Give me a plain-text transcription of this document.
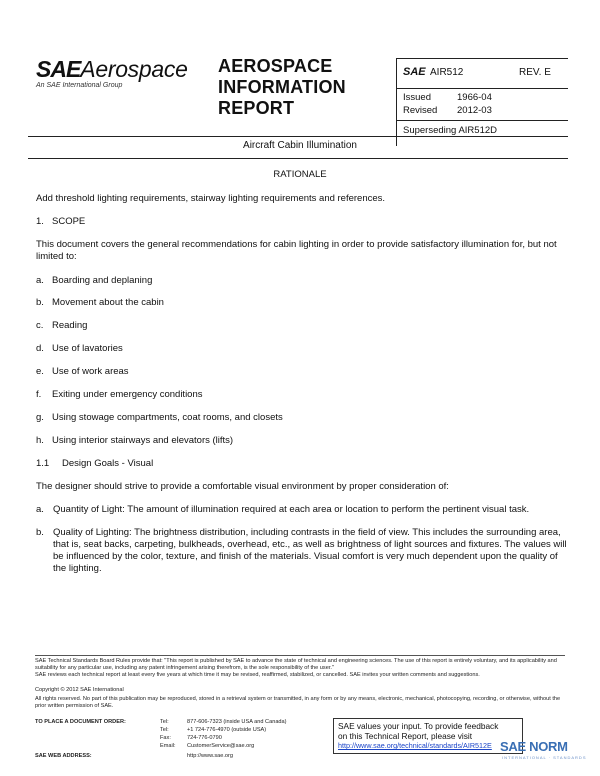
SAEAerospace
An SAE International Group
AEROSPACE
INFORMATION
REPORT
SAE AIR512	REV. E
Issued	1966-04
Revised 2012-03
Superseding AIR512D
Aircraft Cabin Illumination
RATIONALE
Add threshold lighting requirements, stairway lighting requirements and references.
1. SCOPE
This document covers the general recommendations for cabin lighting in order to provide satisfactory illumination for, but not limited to:
a. Boarding and deplaning
b. Movement about the cabin
c. Reading
d. Use of lavatories
e. Use of work areas
f. Exiting under emergency conditions
g. Using stowage compartments, coat rooms, and closets
h. Using interior stairways and elevators (lifts)
1.1 Design Goals - Visual
The designer should strive to provide a comfortable visual environment by proper consideration of:
a. Quantity of Light: The amount of illumination required at each area or location to perform the pertinent visual task.
b. Quality of Lighting: The brightness distribution, including contrasts in the field of view. This includes the surrounding area, that is, seat backs, carpeting, bulkheads, overhead, etc., as well as brightness of light sources and fixtures. The values will be influenced by the color, texture, and finish of the materials. Visual comfort is very much dependent upon the quality of the lighting.
SAE Technical Standards Board Rules provide that: "This report is published by SAE to advance the state of technical and engineering sciences. The use of this report is entirely voluntary, and its applicability and suitability for any particular use, including any patent infringement arising therefrom, is the sole responsibility of the user."
SAE reviews each technical report at least every five years at which time it may be revised, reaffirmed, stabilized, or cancelled. SAE invites your written comments and suggestions.
Copyright © 2012 SAE International
All rights reserved. No part of this publication may be reproduced, stored in a retrieval system or transmitted, in any form or by any means, electronic, mechanical, photocopying, recording, or otherwise, without the prior written permission of SAE.
TO PLACE A DOCUMENT ORDER:	Tel:	877-606-7323 (inside USA and Canada)
Tel:	+1 724-776-4970 (outside USA)
Fax:	724-776-0790
Email: CustomerService@sae.org
SAE WEB ADDRESS:	http://www.sae.org
SAE values your input. To provide feedback
on this Technical Report, please visit
http://www.sae.org/technical/standards/AIR512E SAE NORM
INTERNATIONAL · STANDARDS
